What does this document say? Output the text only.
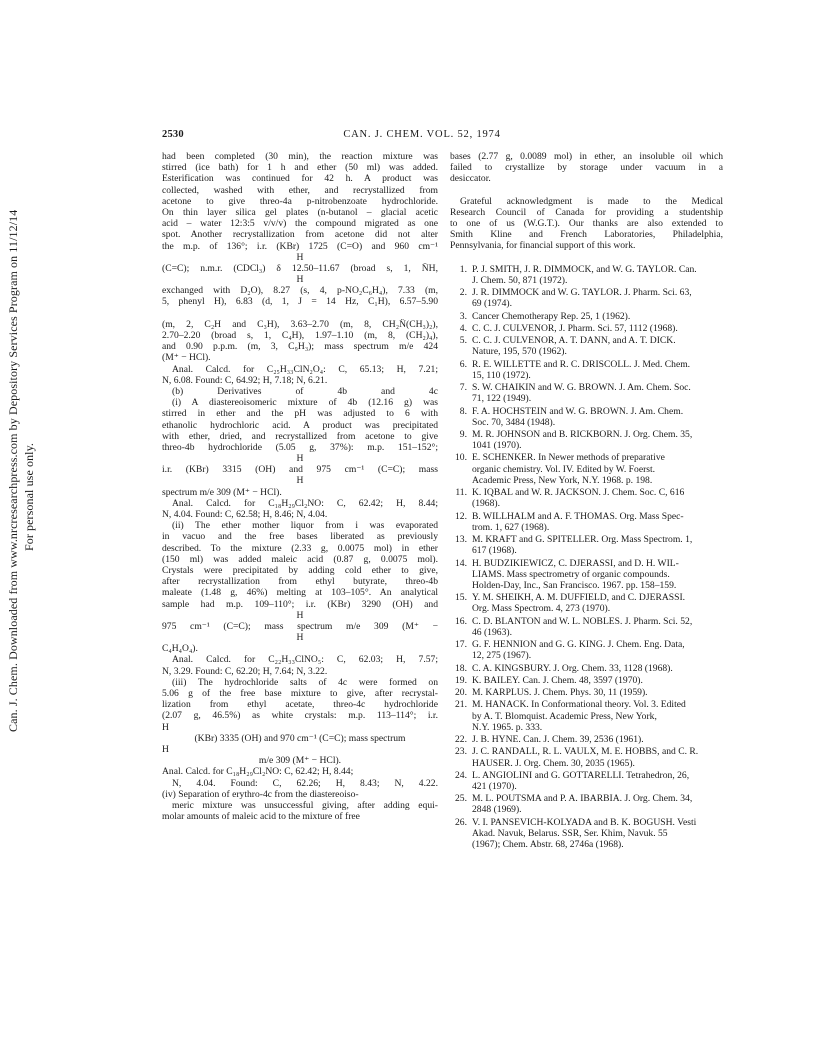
Can. J. Chem. Downloaded from www.nrcresearchpress.com by Depository Services Program on 11/12/14 For personal use only.
2530	CAN. J. CHEM. VOL. 52, 1974
had been completed (30 min), the reaction mixture was
stirred (ice bath) for 1 h and ether (50 ml) was added.
Esterification was continued for 42 h. A product was
collected, washed with ether, and recrystallized from
acetone to give threo-4a p-nitrobenzoate hydrochloride.
On thin layer silica gel plates (n-butanol – glacial acetic
acid – water 12:3:5 v/v/v) the compound migrated as one
spot. Another recrystallization from acetone did not alter
the m.p. of 136°; i.r. (KBr) 1725 (C=O) and 960 cm⁻¹
H
(C=C); n.m.r. (CDCl₃) δ 12.50–11.67 (broad s, 1, N̈H,
H
exchanged with D₂O), 8.27 (s, 4, p-NO₂C₆H₄), 7.33 (m,
5, phenyl H), 6.83 (d, 1, J = 14 Hz, C₁H), 6.57–5.90
(m, 2, C₂H and C₃H), 3.63–2.70 (m, 8, CH₂N̈(CH₃)₂),
2.70–2.20 (broad s, 1, C₄H), 1.97–1.10 (m, 8, (CH₂)₄),
and 0.90 p.p.m. (m, 3, C₉H₃); mass spectrum m/e 424
(M⁺ − HCl).
Anal. Calcd. for C₂₅H₃₃ClN₂O₄: C, 65.13; H, 7.21;
N, 6.08. Found: C, 64.92; H, 7.18; N, 6.21.
(b) Derivatives of 4b and 4c
(i) A diastereoisomeric mixture of 4b (12.16 g) was
stirred in ether and the pH was adjusted to 6 with
ethanolic hydrochloric acid. A product was precipitated
with ether, dried, and recrystallized from acetone to give
threo-4b hydrochloride (5.05 g, 37%): m.p. 151–152°;
H
i.r. (KBr) 3315 (OH) and 975 cm⁻¹ (C=C); mass
H
spectrum m/e 309 (M⁺ − HCl).
Anal. Calcd. for C₁₈H₂₉Cl₂NO: C, 62.42; H, 8.44;
N, 4.04. Found: C, 62.58; H, 8.46; N, 4.04.
(ii) The ether mother liquor from i was evaporated
in vacuo and the free bases liberated as previously
described. To the mixture (2.33 g, 0.0075 mol) in ether
(150 ml) was added maleic acid (0.87 g, 0.0075 mol).
Crystals were precipitated by adding cold ether to give,
after recrystallization from ethyl butyrate, threo-4b
maleate (1.48 g, 46%) melting at 103–105°. An analytical
sample had m.p. 109–110°; i.r. (KBr) 3290 (OH) and
H
975 cm⁻¹ (C=C); mass spectrum m/e 309 (M⁺ −
H
C₄H₄O₄).
Anal. Calcd. for C₂₂H₃₃ClNO₅: C, 62.03; H, 7.57;
N, 3.29. Found: C, 62.20; H, 7.64; N, 3.22.
(iii) The hydrochloride salts of 4c were formed on
5.06 g of the free base mixture to give, after recrystal-
lization from ethyl acetate, threo-4c hydrochloride
(2.07 g, 46.5%) as white crystals: m.p. 113–114°; i.r.
H
(KBr) 3335 (OH) and 970 cm⁻¹ (C=C); mass spectrum
H
m/e 309 (M⁺ − HCl).
Anal. Calcd. for C₁₈H₂₉Cl₂NO: C, 62.42; H, 8.44;
N, 4.04. Found: C, 62.26; H, 8.43; N, 4.22.
(iv) Separation of erythro-4c from the diastereoiso-
meric mixture was unsuccessful giving, after adding equi-
molar amounts of maleic acid to the mixture of free
bases (2.77 g, 0.0089 mol) in ether, an insoluble oil which
failed to crystallize by storage under vacuum in a
desiccator.
Grateful acknowledgment is made to the Medical
Research Council of Canada for providing a studentship
to one of us (W.G.T.). Our thanks are also extended to
Smith Kline and French Laboratories, Philadelphia,
Pennsylvania, for financial support of this work.
1. P. J. SMITH, J. R. DIMMOCK, and W. G. TAYLOR. Can.
J. Chem. 50, 871 (1972).
2. J. R. DIMMOCK and W. G. TAYLOR. J. Pharm. Sci. 63,
69 (1974).
3. Cancer Chemotherapy Rep. 25, 1 (1962).
4. C. C. J. CULVENOR, J. Pharm. Sci. 57, 1112 (1968).
5. C. C. J. CULVENOR, A. T. DANN, and A. T. DICK.
Nature, 195, 570 (1962).
6. R. E. WILLETTE and R. C. DRISCOLL. J. Med. Chem.
15, 110 (1972).
7. S. W. CHAIKIN and W. G. BROWN. J. Am. Chem. Soc.
71, 122 (1949).
8. F. A. HOCHSTEIN and W. G. BROWN. J. Am. Chem.
Soc. 70, 3484 (1948).
9. M. R. JOHNSON and B. RICKBORN. J. Org. Chem. 35,
1041 (1970).
10. E. SCHENKER. In Newer methods of preparative
organic chemistry. Vol. IV. Edited by W. Foerst.
Academic Press, New York, N.Y. 1968. p. 198.
11. K. IQBAL and W. R. JACKSON. J. Chem. Soc. C, 616
(1968).
12. B. WILLHALM and A. F. THOMAS. Org. Mass Spec-
trom. 1, 627 (1968).
13. M. KRAFT and G. SPITELLER. Org. Mass Spectrom. 1,
617 (1968).
14. H. BUDZIKIEWICZ, C. DJERASSI, and D. H. WIL-
LIAMS. Mass spectrometry of organic compounds.
Holden-Day, Inc., San Francisco. 1967. pp. 158–159.
15. Y. M. SHEIKH, A. M. DUFFIELD, and C. DJERASSI.
Org. Mass Spectrom. 4, 273 (1970).
16. C. D. BLANTON and W. L. NOBLES. J. Pharm. Sci. 52,
46 (1963).
17. G. F. HENNION and G. G. KING. J. Chem. Eng. Data,
12, 275 (1967).
18. C. A. KINGSBURY. J. Org. Chem. 33, 1128 (1968).
19. K. BAILEY. Can. J. Chem. 48, 3597 (1970).
20. M. KARPLUS. J. Chem. Phys. 30, 11 (1959).
21. M. HANACK. In Conformational theory. Vol. 3. Edited
by A. T. Blomquist. Academic Press, New York,
N.Y. 1965. p. 333.
22. J. B. HYNE. Can. J. Chem. 39, 2536 (1961).
23. J. C. RANDALL, R. L. VAULX, M. E. HOBBS, and C. R.
HAUSER. J. Org. Chem. 30, 2035 (1965).
24. L. ANGIOLINI and G. GOTTARELLI. Tetrahedron, 26,
421 (1970).
25. M. L. POUTSMA and P. A. IBARBIA. J. Org. Chem. 34,
2848 (1969).
26. V. I. PANSEVICH-KOLYADA and B. K. BOGUSH. Vesti
Akad. Navuk, Belarus. SSR, Ser. Khim, Navuk. 55
(1967); Chem. Abstr. 68, 2746a (1968).
